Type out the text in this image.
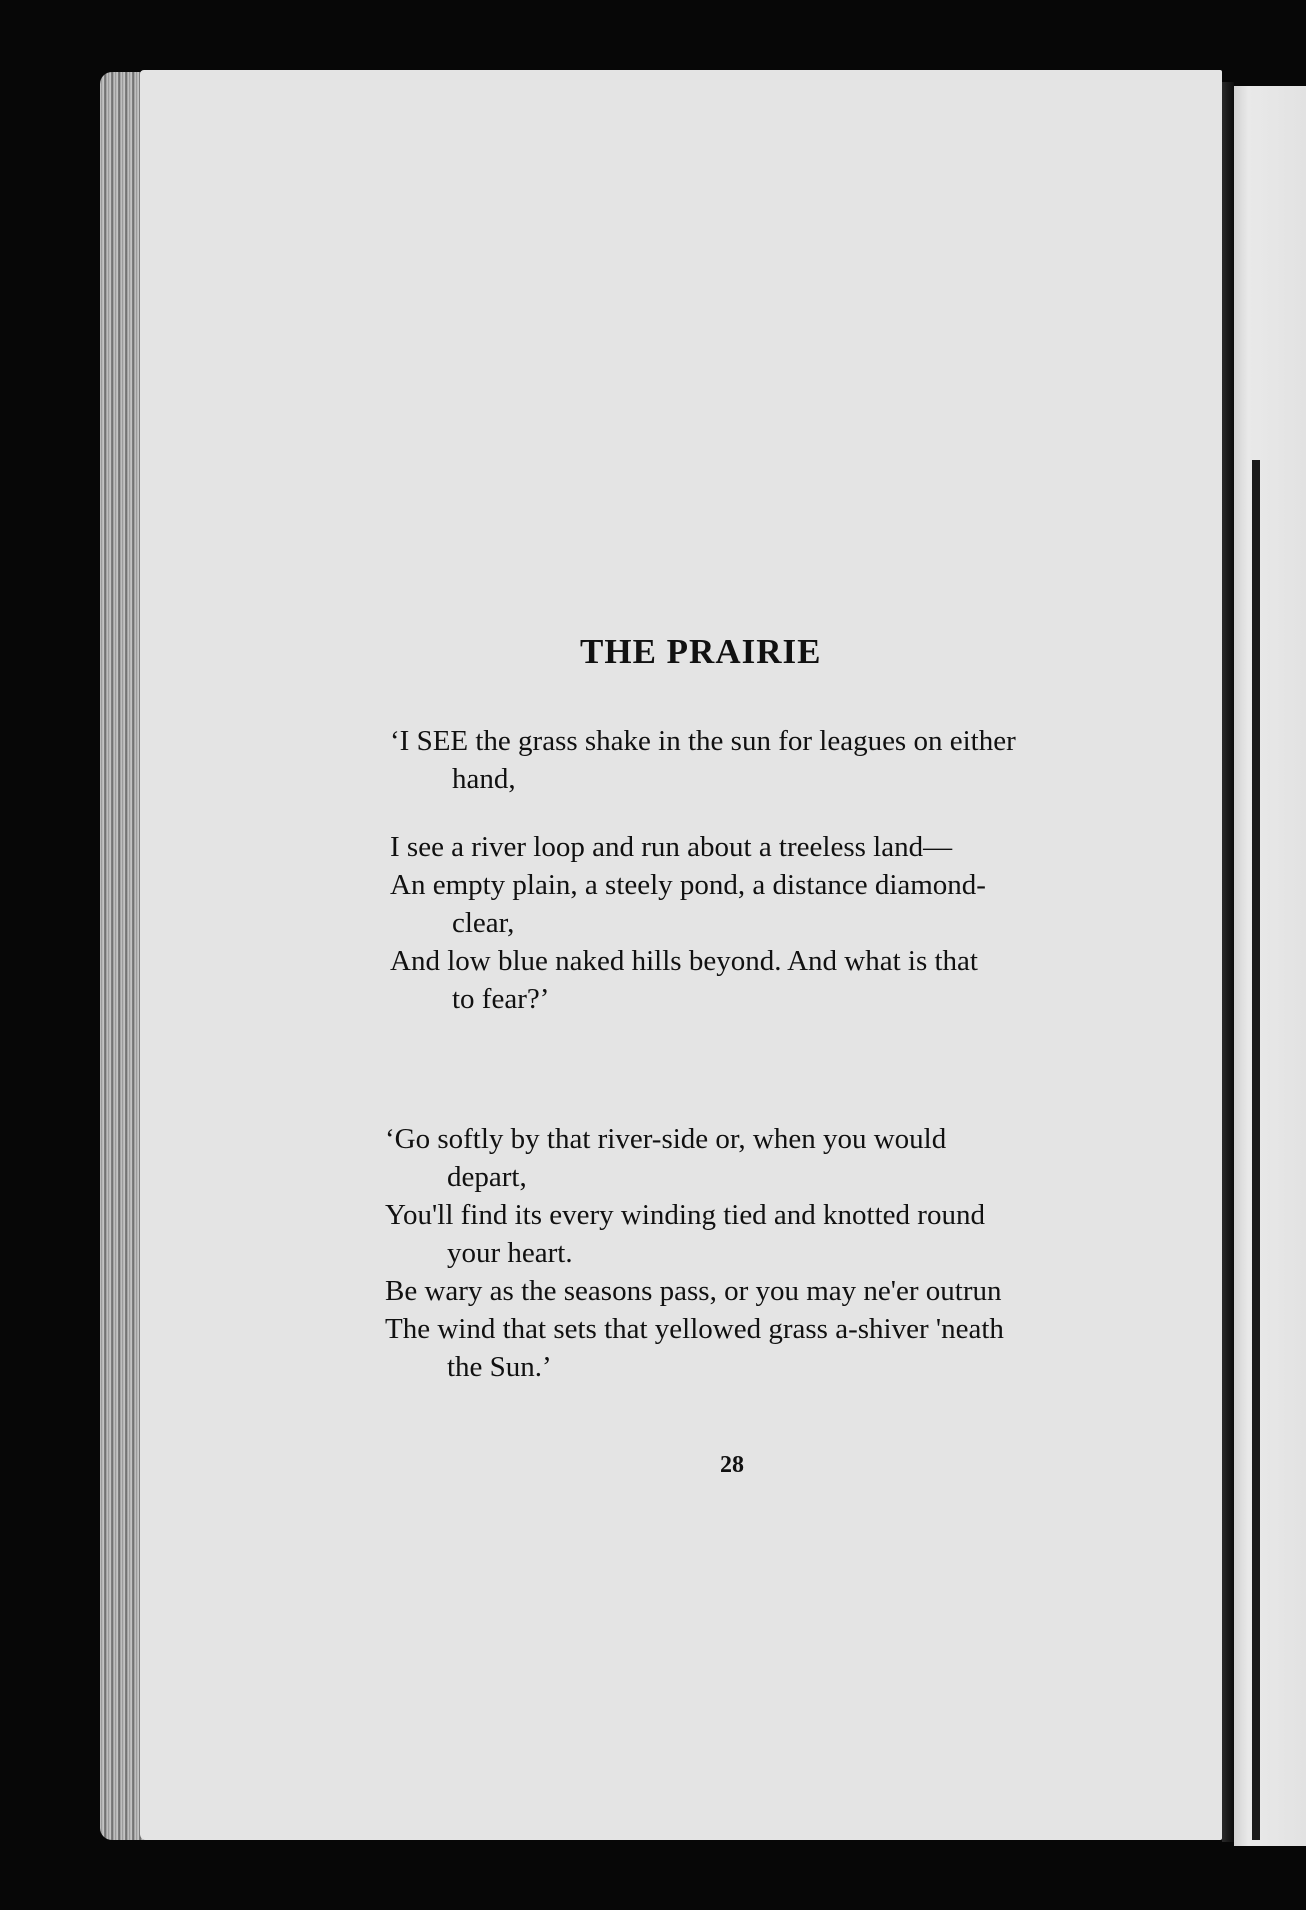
THE PRAIRIE
‘I SEE the grass shake in the sun for leagues on either
hand,
I see a river loop and run about a treeless land—
An empty plain, a steely pond, a distance diamond-
clear,
And low blue naked hills beyond. And what is that
to fear?’
‘Go softly by that river-side or, when you would
depart,
You'll find its every winding tied and knotted round
your heart.
Be wary as the seasons pass, or you may ne'er outrun
The wind that sets that yellowed grass a-shiver 'neath
the Sun.’
28
